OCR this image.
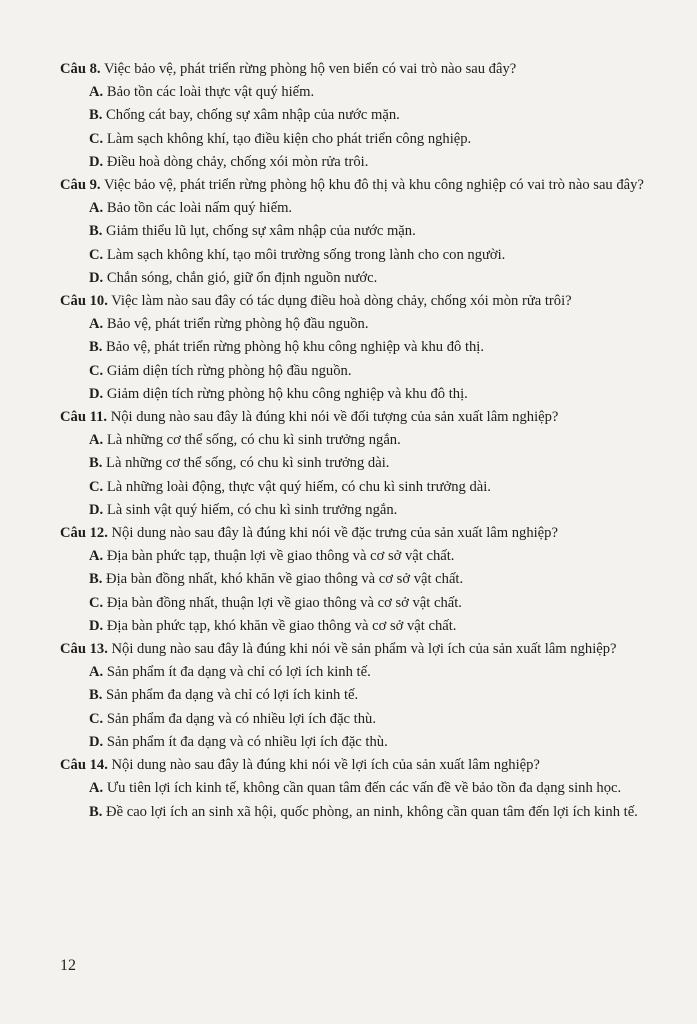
Câu 8. Việc bảo vệ, phát triển rừng phòng hộ ven biển có vai trò nào sau đây?

A. Bảo tồn các loài thực vật quý hiếm.

B. Chống cát bay, chống sự xâm nhập của nước mặn.

C. Làm sạch không khí, tạo điều kiện cho phát triển công nghiệp.

D. Điều hoà dòng chảy, chống xói mòn rửa trôi.

Câu 9. Việc bảo vệ, phát triển rừng phòng hộ khu đô thị và khu công nghiệp có vai trò nào sau đây?

A. Bảo tồn các loài nấm quý hiếm.

B. Giảm thiểu lũ lụt, chống sự xâm nhập của nước mặn.

C. Làm sạch không khí, tạo môi trường sống trong lành cho con người.

D. Chắn sóng, chắn gió, giữ ổn định nguồn nước.

Câu 10. Việc làm nào sau đây có tác dụng điều hoà dòng chảy, chống xói mòn rửa trôi?

A. Bảo vệ, phát triển rừng phòng hộ đầu nguồn.

B. Bảo vệ, phát triển rừng phòng hộ khu công nghiệp và khu đô thị.

C. Giảm diện tích rừng phòng hộ đầu nguồn.

D. Giảm diện tích rừng phòng hộ khu công nghiệp và khu đô thị.

Câu 11. Nội dung nào sau đây là đúng khi nói về đối tượng của sản xuất lâm nghiệp?

A. Là những cơ thể sống, có chu kì sinh trưởng ngắn.

B. Là những cơ thể sống, có chu kì sinh trưởng dài.

C. Là những loài động, thực vật quý hiếm, có chu kì sinh trưởng dài.

D. Là sinh vật quý hiếm, có chu kì sinh trưởng ngắn.

Câu 12. Nội dung nào sau đây là đúng khi nói về đặc trưng của sản xuất lâm nghiệp?

A. Địa bàn phức tạp, thuận lợi về giao thông và cơ sở vật chất.

B. Địa bàn đồng nhất, khó khăn về giao thông và cơ sở vật chất.

C. Địa bàn đồng nhất, thuận lợi về giao thông và cơ sở vật chất.

D. Địa bàn phức tạp, khó khăn về giao thông và cơ sở vật chất.

Câu 13. Nội dung nào sau đây là đúng khi nói về sản phẩm và lợi ích của sản xuất lâm nghiệp?

A. Sản phẩm ít đa dạng và chỉ có lợi ích kinh tế.

B. Sản phẩm đa dạng và chỉ có lợi ích kinh tế.

C. Sản phẩm đa dạng và có nhiều lợi ích đặc thù.

D. Sản phẩm ít đa dạng và có nhiều lợi ích đặc thù.

Câu 14. Nội dung nào sau đây là đúng khi nói về lợi ích của sản xuất lâm nghiệp?

A. Ưu tiên lợi ích kinh tế, không cần quan tâm đến các vấn đề về bảo tồn đa dạng sinh học.

B. Đề cao lợi ích an sinh xã hội, quốc phòng, an ninh, không cần quan tâm đến lợi ích kinh tế.

12
